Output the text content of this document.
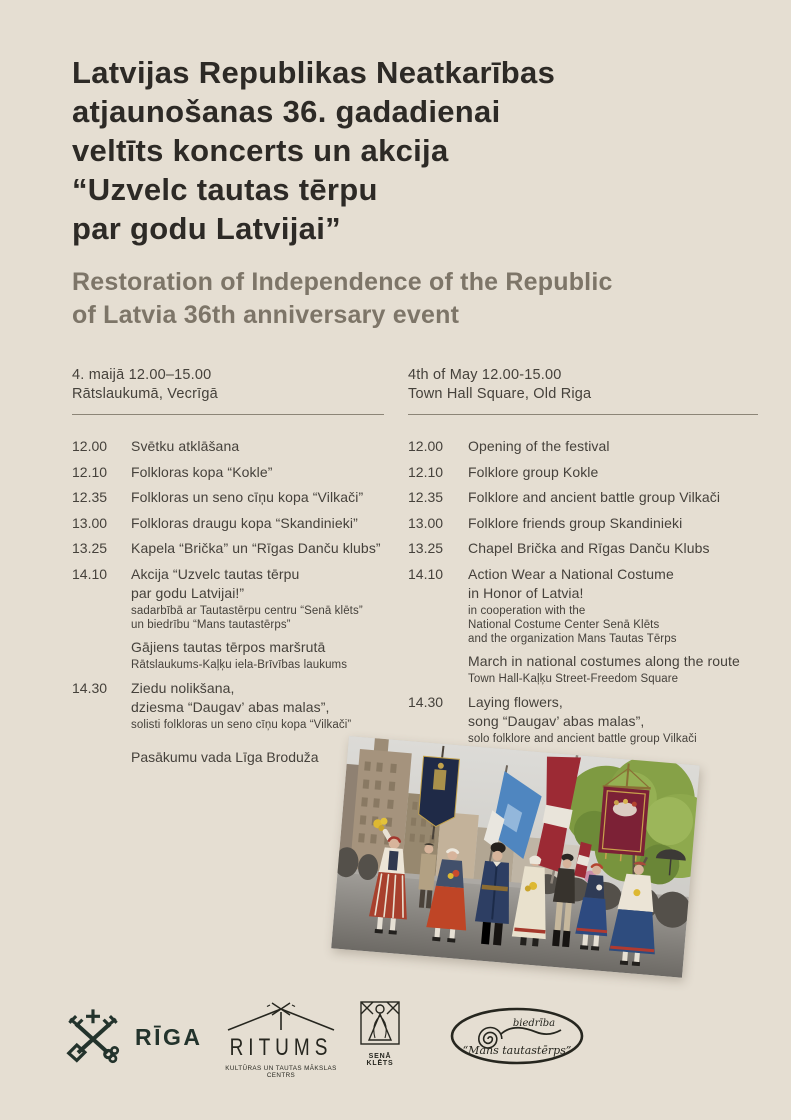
Latvijas Republikas Neatkarības
atjaunošanas 36. gadadienai
veltīts koncerts un akcija
“Uzvelc tautas tērpu
par godu Latvijai”
Restoration of Independence of the Republic
of Latvia 36th anniversary event
4. maijā 12.00–15.00
Rātslaukumā, Vecrīgā
12.00	Svētku atklāšana
12.10	Folkloras kopa “Kokle”
12.35	Folkloras un seno cīņu kopa “Vilkači”
13.00	Folkloras draugu kopa “Skandinieki”
13.25	Kapela “Brička” un “Rīgas Danču klubs”
14.10	Akcija “Uzvelc tautas tērpu
par godu Latvijai!”
sadarbībā ar Tautastērpu centru “Senā klēts”
un biedrību “Mans tautastērps”
Gājiens tautas tērpos maršrutā
Rātslaukums-Kaļķu iela-Brīvības laukums
14.30	Ziedu nolikšana,
dziesma “Daugav’ abas malas”,
solisti folkloras un seno cīņu kopa “Vilkači”
Pasākumu vada Līga Broduža
4th of May 12.00-15.00
Town Hall Square, Old Riga
12.00	Opening of the festival
12.10	Folklore group Kokle
12.35	Folklore and ancient battle group Vilkači
13.00	Folklore friends group Skandinieki
13.25	Chapel Brička and Rīgas Danču Klubs
14.10	Action Wear a National Costume
in Honor of Latvia!
in cooperation with the
National Costume Center Senā Klēts
and the organization Mans Tautas Tērps
March in national costumes along the route
Town Hall-Kaļķu Street-Freedom Square
14.30	Laying flowers,
song “Daugav’ abas malas”,
solo folklore and ancient battle group Vilkači
RĪGA RITUMS
KULTŪRAS UN TAUTAS MĀKSLAS CENTRS
SENĀ KLĒTS
biedrība
“Mans tautastērps”
